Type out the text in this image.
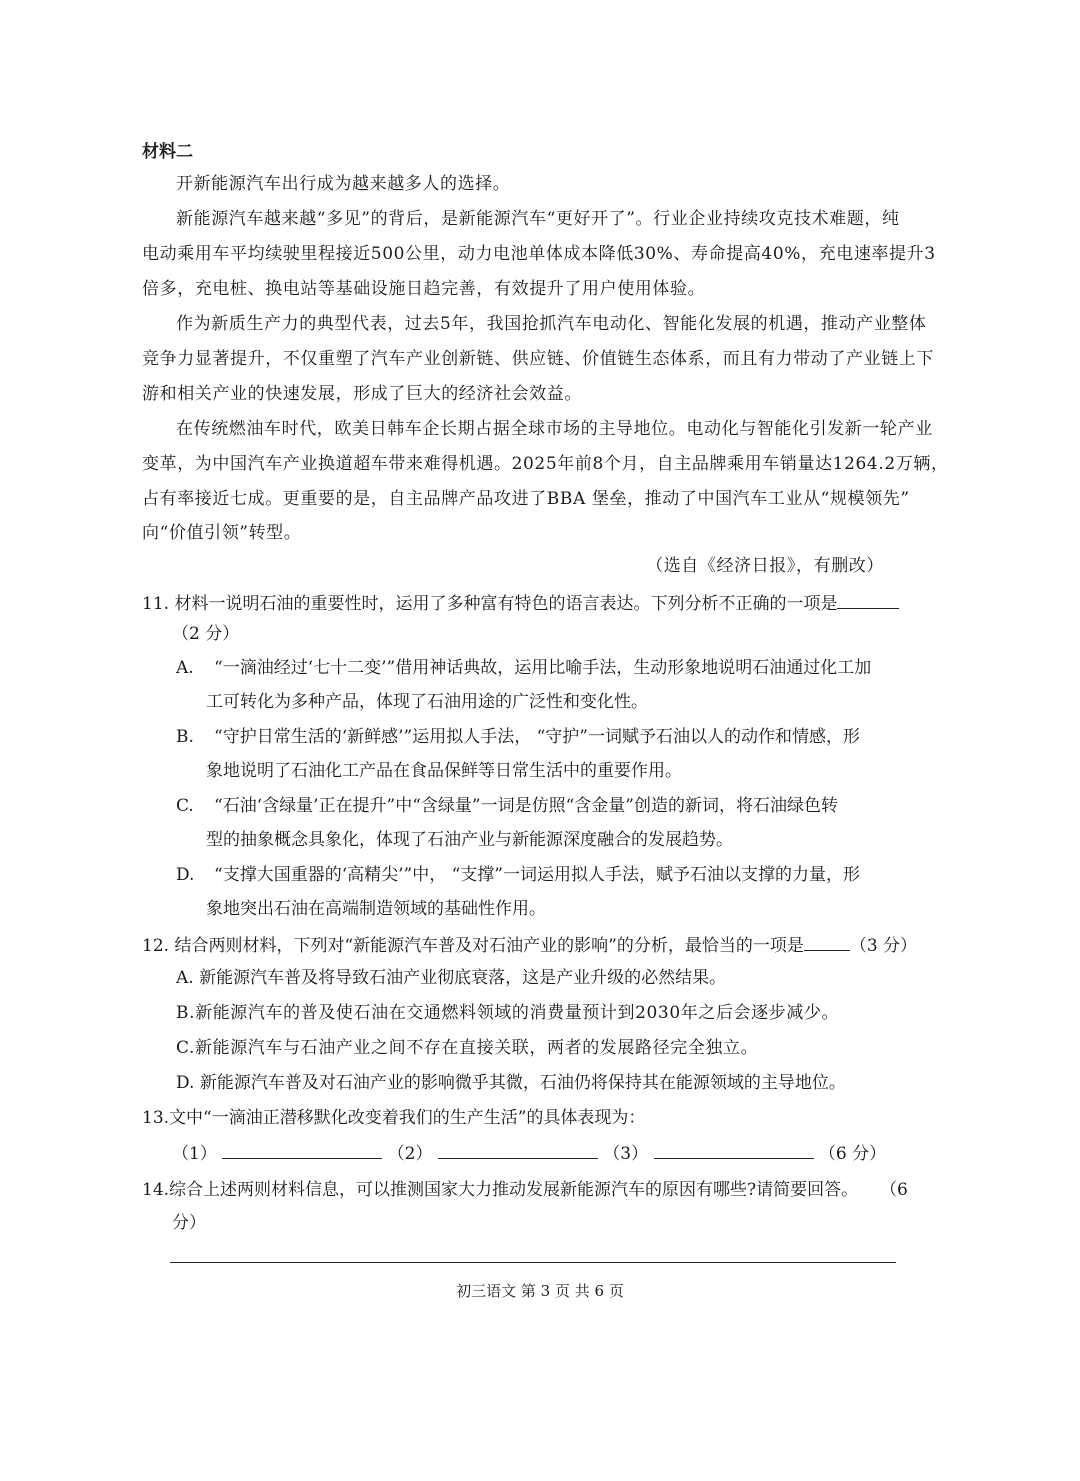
材料二
开新能源汽车出行成为越来越多人的选择。
新能源汽车越来越“多见”的背后，是新能源汽车“更好开了”。行业企业持续攻克技术难题，纯
电动乘用车平均续驶里程接近500公里，动力电池单体成本降低30%、寿命提高40%，充电速率提升3
倍多，充电桩、换电站等基础设施日趋完善，有效提升了用户使用体验。
作为新质生产力的典型代表，过去5年，我国抢抓汽车电动化、智能化发展的机遇，推动产业整体
竞争力显著提升，不仅重塑了汽车产业创新链、供应链、价值链生态体系，而且有力带动了产业链上下
游和相关产业的快速发展，形成了巨大的经济社会效益。
在传统燃油车时代，欧美日韩车企长期占据全球市场的主导地位。电动化与智能化引发新一轮产业
变革，为中国汽车产业换道超车带来难得机遇。2025年前8个月，自主品牌乘用车销量达1264.2万辆，
占有率接近七成。更重要的是，自主品牌产品攻进了BBA 堡垒，推动了中国汽车工业从“规模领先”
向“价值引领”转型。
（选自《经济日报》，有删改）
11. 材料一说明石油的重要性时，运用了多种富有特色的语言表达。下列分析不正确的一项是
（2 分）
A. “一滴油经过‘七十二变’”借用神话典故，运用比喻手法，生动形象地说明石油通过化工加
工可转化为多种产品，体现了石油用途的广泛性和变化性。
B. “守护日常生活的‘新鲜感’”运用拟人手法， “守护”一词赋予石油以人的动作和情感，形
象地说明了石油化工产品在食品保鲜等日常生活中的重要作用。
C. “石油‘含绿量’正在提升”中“含绿量”一词是仿照“含金量”创造的新词，将石油绿色转
型的抽象概念具象化，体现了石油产业与新能源深度融合的发展趋势。
D. “支撑大国重器的‘高精尖’”中， “支撑”一词运用拟人手法，赋予石油以支撑的力量，形
象地突出石油在高端制造领域的基础性作用。
12. 结合两则材料，下列对“新能源汽车普及对石油产业的影响”的分析，最恰当的一项是	（3 分）
A. 新能源汽车普及将导致石油产业彻底衰落，这是产业升级的必然结果。
B.新能源汽车的普及使石油在交通燃料领域的消费量预计到2030年之后会逐步减少。
C.新能源汽车与石油产业之间不存在直接关联，两者的发展路径完全独立。
D. 新能源汽车普及对石油产业的影响微乎其微，石油仍将保持其在能源领域的主导地位。
13.文中“一滴油正潜移默化改变着我们的生产生活”的具体表现为：
（1）	（2）	（3）	（6 分）
14.综合上述两则材料信息，可以推测国家大力推动发展新能源汽车的原因有哪些?请简要回答。 （6
分）
初三语文 第 3 页 共 6 页
